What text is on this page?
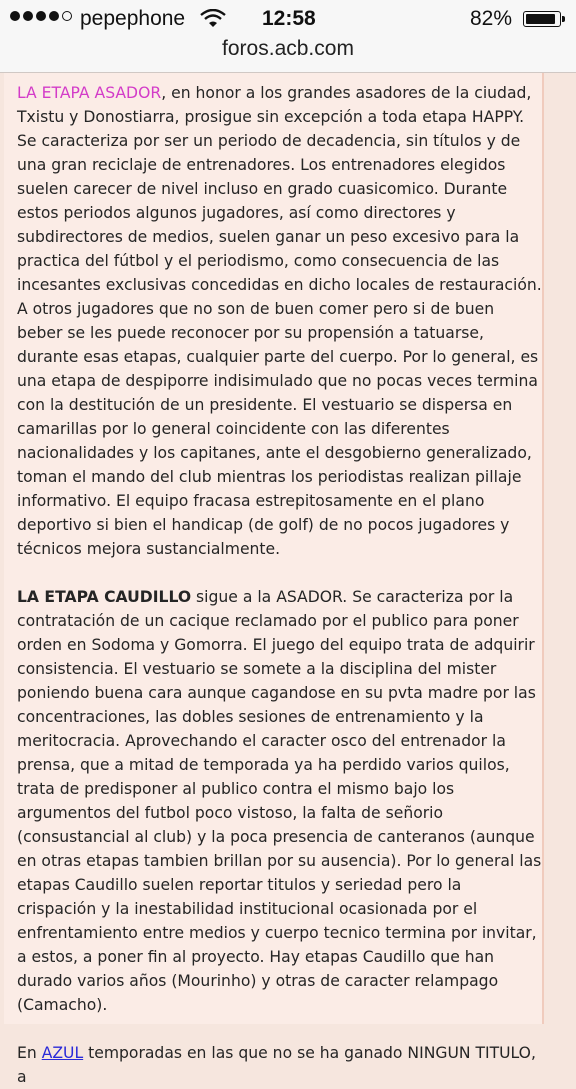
pepephone	12:58	82%
foros.acb.com

LA ETAPA ASADOR, en honor a los grandes asadores de la ciudad, Txistu y Donostiarra, prosigue sin excepción a toda etapa HAPPY. Se caracteriza por ser un periodo de decadencia, sin títulos y de una gran reciclaje de entrenadores. Los entrenadores elegidos suelen carecer de nivel incluso en grado cuasicomico. Durante estos periodos algunos jugadores, así como directores y subdirectores de medios, suelen ganar un peso excesivo para la practica del fútbol y el periodismo, como consecuencia de las incesantes exclusivas concedidas en dicho locales de restauración. A otros jugadores que no son de buen comer pero si de buen beber se les puede reconocer por su propensión a tatuarse, durante esas etapas, cualquier parte del cuerpo. Por lo general, es una etapa de despiporre indisimulado que no pocas veces termina con la destitución de un presidente. El vestuario se dispersa en camarillas por lo general coincidente con las diferentes nacionalidades y los capitanes, ante el desgobierno generalizado, toman el mando del club mientras los periodistas realizan pillaje informativo. El equipo fracasa estrepitosamente en el plano deportivo si bien el handicap (de golf) de no pocos jugadores y técnicos mejora sustancialmente.

LA ETAPA CAUDILLO sigue a la ASADOR. Se caracteriza por la contratación de un cacique reclamado por el publico para poner orden en Sodoma y Gomorra. El juego del equipo trata de adquirir consistencia. El vestuario se somete a la disciplina del mister poniendo buena cara aunque cagandose en su pvta madre por las concentraciones, las dobles sesiones de entrenamiento y la meritocracia. Aprovechando el caracter osco del entrenador la prensa, que a mitad de temporada ya ha perdido varios quilos, trata de predisponer al publico contra el mismo bajo los argumentos del futbol poco vistoso, la falta de señorio (consustancial al club) y la poca presencia de canteranos (aunque en otras etapas tambien brillan por su ausencia). Por lo general las etapas Caudillo suelen reportar titulos y seriedad pero la crispación y la inestabilidad institucional ocasionada por el enfrentamiento entre medios y cuerpo tecnico termina por invitar, a estos, a poner fin al proyecto. Hay etapas Caudillo que han durado varios años (Mourinho) y otras de caracter relampago (Camacho).

En AZUL temporadas en las que no se ha ganado NINGUN TITULO, a
